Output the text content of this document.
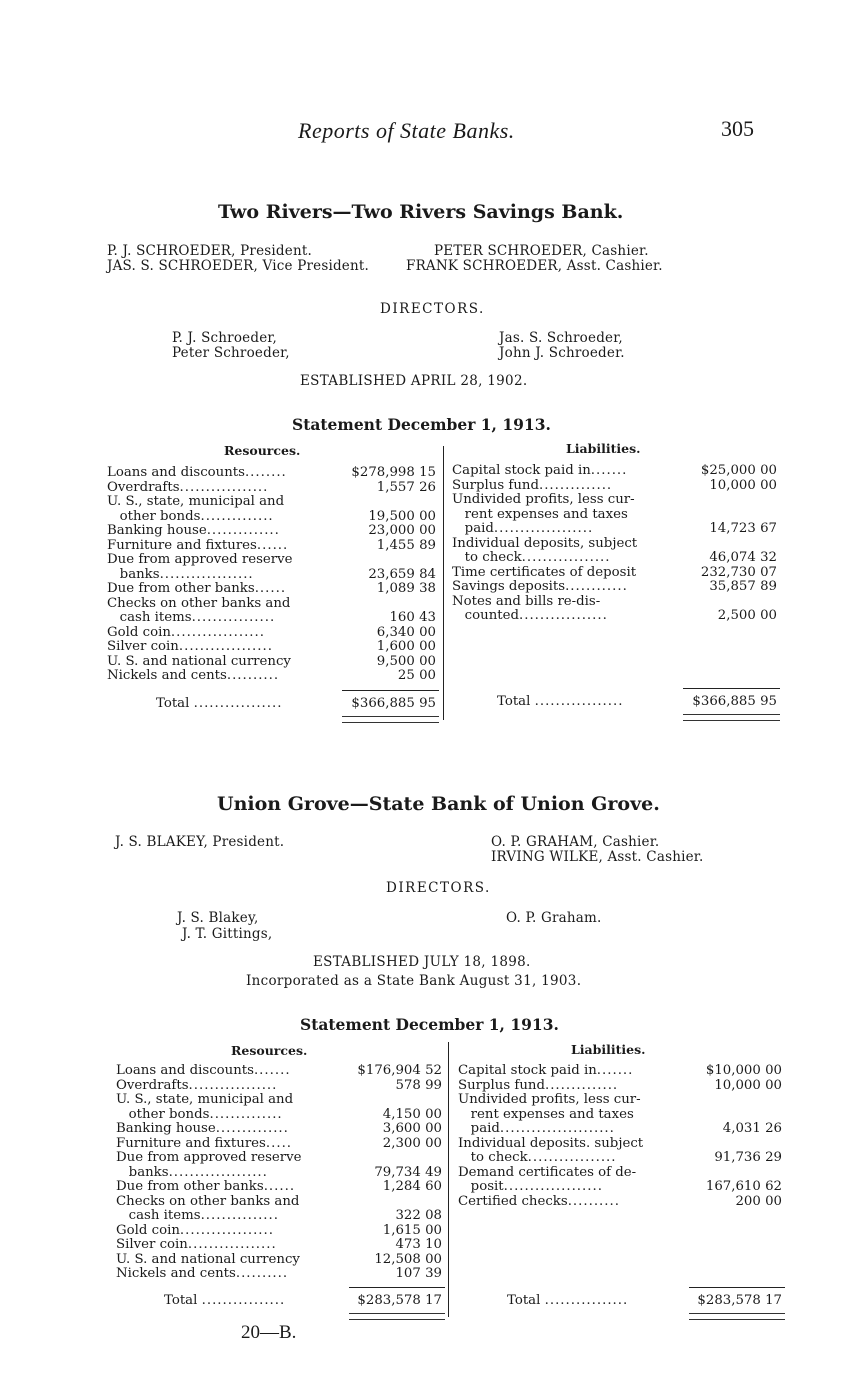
Reports of State Banks.	305
Two Rivers—Two Rivers Savings Bank.
P. J. SCHROEDER, President.
JAS. S. SCHROEDER, Vice President.
PETER SCHROEDER, Cashier.
FRANK SCHROEDER, Asst. Cashier.
DIRECTORS.
P. J. Schroeder,
Peter Schroeder,
Jas. S. Schroeder,
John J. Schroeder.
ESTABLISHED APRIL 28, 1902.
Statement December 1, 1913.
Resources.	Liabilities.
Loans and discounts........	$278,998 15
Overdrafts.................	1,557 26
U. S., state, municipal and
other bonds..............	19,500 00
Banking house..............	23,000 00
Furniture and fixtures......	1,455 89
Due from approved reserve
banks..................	23,659 84
Due from other banks......	1,089 38
Checks on other banks and
cash items................	160 43
Gold coin..................	6,340 00
Silver coin..................	1,600 00
U. S. and national currency	9,500 00
Nickels and cents..........	25 00
Capital stock paid in.......	$25,000 00
Surplus fund..............	10,000 00
Undivided profits, less cur-
rent expenses and taxes
paid...................	14,723 67
Individual deposits, subject
to check.................	46,074 32
Time certificates of deposit	232,730 07
Savings deposits............	35,857 89
Notes and bills re-dis-
counted.................	2,500 00
Total .................	$366,885 95	Total .................	$366,885 95
Union Grove—State Bank of Union Grove.
J. S. BLAKEY, President.	O. P. GRAHAM, Cashier.
IRVING WILKE, Asst. Cashier.
DIRECTORS.
J. S. Blakey,
J. T. Gittings,
O. P. Graham.
ESTABLISHED JULY 18, 1898.
Incorporated as a State Bank August 31, 1903.
Statement December 1, 1913.
Resources.	Liabilities.
Loans and discounts.......	$176,904 52
Overdrafts.................	578 99
U. S., state, municipal and
other bonds..............	4,150 00
Banking house..............	3,600 00
Furniture and fixtures.....	2,300 00
Due from approved reserve
banks...................	79,734 49
Due from other banks......	1,284 60
Checks on other banks and
cash items...............	322 08
Gold coin..................	1,615 00
Silver coin.................	473 10
U. S. and national currency	12,508 00
Nickels and cents..........	107 39
Capital stock paid in.......	$10,000 00
Surplus fund..............	10,000 00
Undivided profits, less cur-
rent expenses and taxes
paid......................	4,031 26
Individual deposits. subject
to check.................	91,736 29
Demand certificates of de-
posit...................	167,610 62
Certified checks..........	200 00
Total ................	$283,578 17	Total ................	$283,578 17
20—B.
